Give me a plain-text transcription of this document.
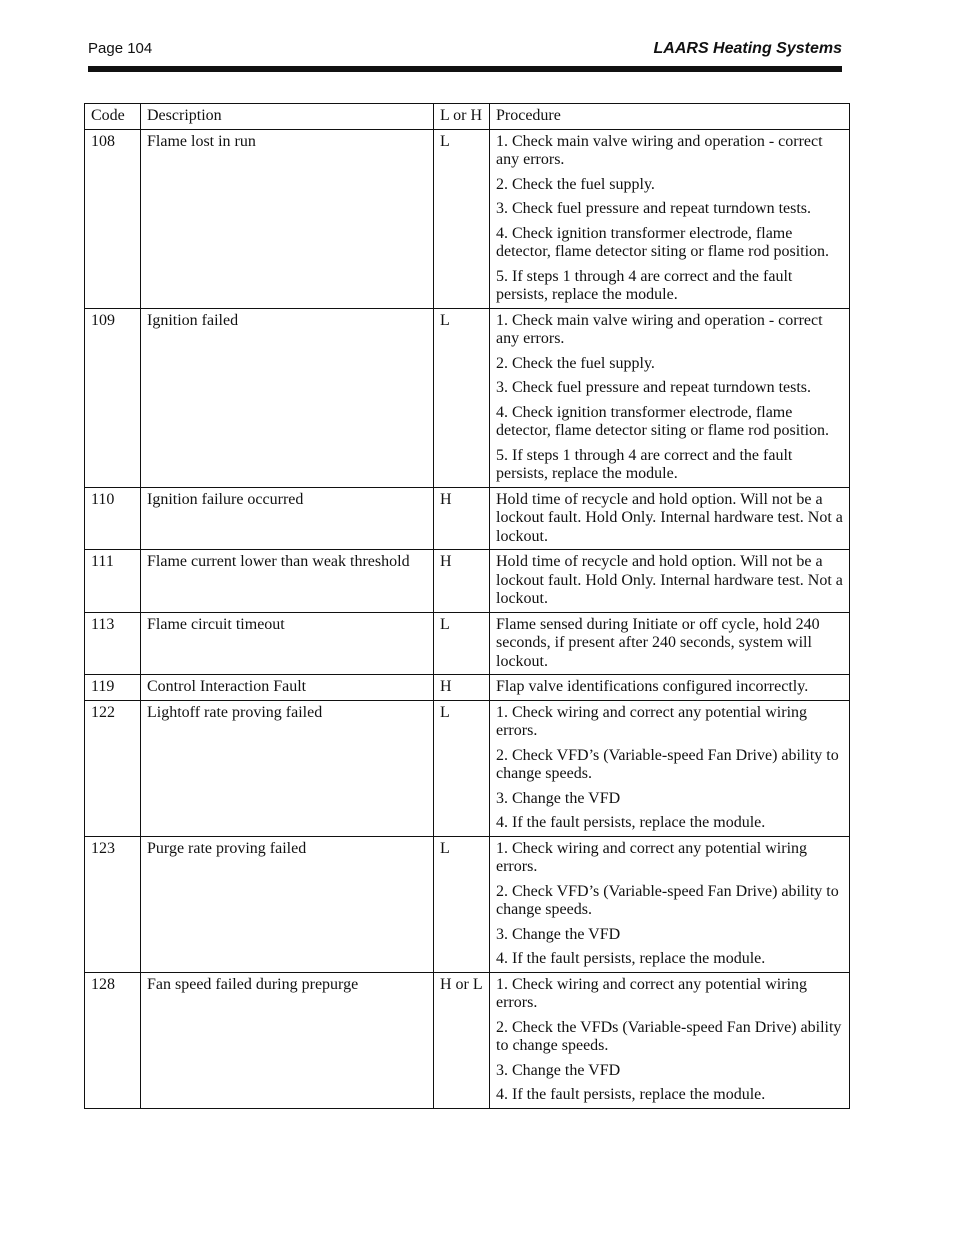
Page 104	LAARS Heating Systems
Code	Description	L or H	Procedure
108	Flame lost in run	L	1. Check main valve wiring and operation - correct any errors.

2. Check the fuel supply.

3. Check fuel pressure and repeat turndown tests.

4. Check ignition transformer electrode, flame detector, flame detector siting or flame rod position.

5. If steps 1 through 4 are correct and the fault persists, replace the module.

109	Ignition failed	L	1. Check main valve wiring and operation - correct any errors.

2. Check the fuel supply.

3. Check fuel pressure and repeat turndown tests.

4. Check ignition transformer electrode, flame detector, flame detector siting or flame rod position.

5. If steps 1 through 4 are correct and the fault persists, replace the module.

110	Ignition failure occurred	H	Hold time of recycle and hold option. Will not be a lockout fault. Hold Only. Internal hardware test. Not a lockout.

111	Flame current lower than weak threshold	H	Hold time of recycle and hold option. Will not be a lockout fault. Hold Only. Internal hardware test. Not a lockout.

113	Flame circuit timeout	L	Flame sensed during Initiate or off cycle, hold 240 seconds, if present after 240 seconds, system will lockout.

119	Control Interaction Fault	H	Flap valve identifications configured incorrectly.

122	Lightoff rate proving failed	L	1. Check wiring and correct any potential wiring errors.

2. Check VFD’s (Variable-speed Fan Drive) ability to change speeds.

3. Change the VFD

4. If the fault persists, replace the module.

123	Purge rate proving failed	L	1. Check wiring and correct any potential wiring errors.

2. Check VFD’s (Variable-speed Fan Drive) ability to change speeds.

3. Change the VFD

4. If the fault persists, replace the module.

128	Fan speed failed during prepurge	H or L	1. Check wiring and correct any potential wiring errors.

2. Check the VFDs (Variable-speed Fan Drive) ability to change speeds.

3. Change the VFD

4. If the fault persists, replace the module.
